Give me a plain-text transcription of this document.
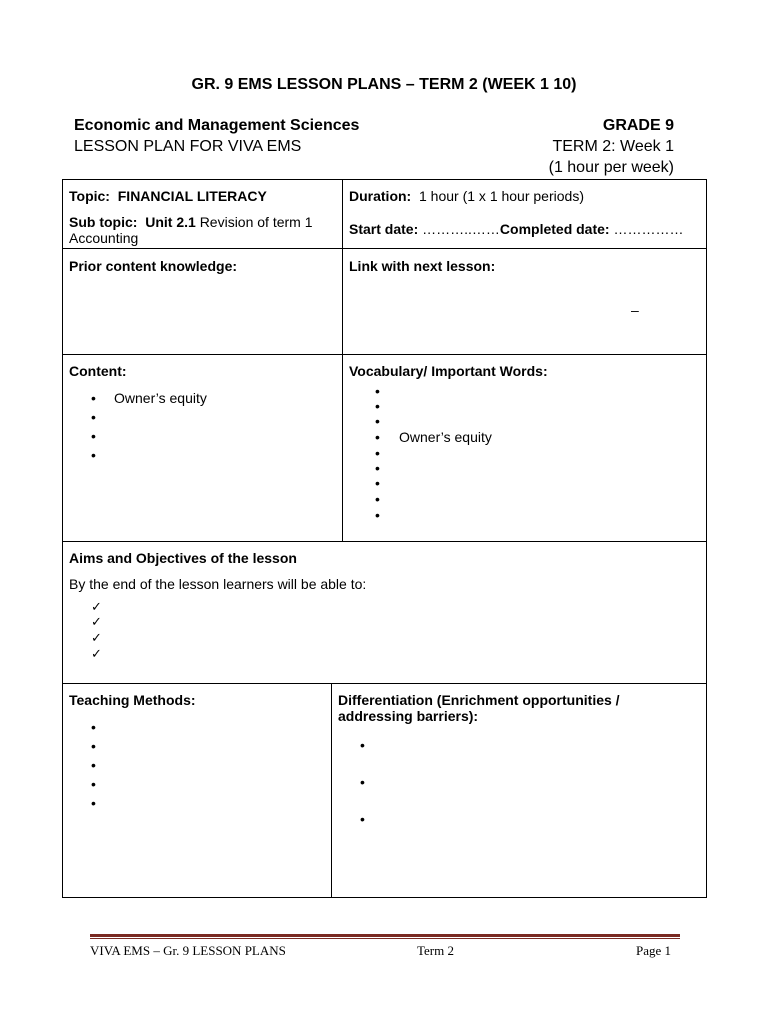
GR. 9 EMS LESSON PLANS – TERM 2 (WEEK 1 10)
Economic and Management Sciences
LESSON PLAN FOR VIVA EMS
GRADE 9
TERM 2: Week 1
(1 hour per week)
Topic: FINANCIAL LITERACY
Sub topic: Unit 2.1 Revision of term 1
Accounting
Duration: 1 hour (1 x 1 hour periods)
Start date: ………..……Completed date: ……………
Prior content knowledge:	Link with next lesson:
–
Content:
• Owner’s equity
Vocabulary/ Important Words:
• Owner’s equity
Aims and Objectives of the lesson
By the end of the lesson learners will be able to:
✓
✓
✓
✓
Teaching Methods:	Differentiation (Enrichment opportunities /
addressing barriers):
VIVA EMS – Gr. 9 LESSON PLANS	Term 2	Page 1
